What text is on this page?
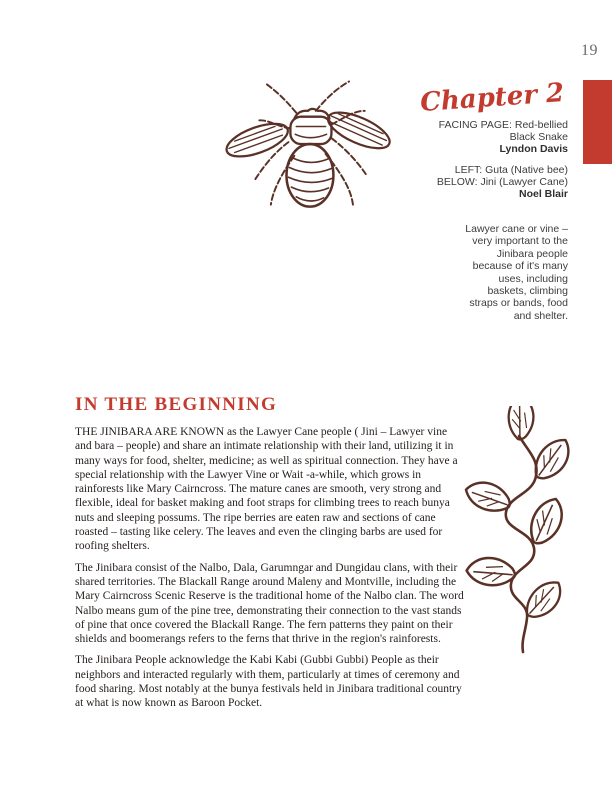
19
Chapter 2
FACING PAGE: Red-bellied
Black Snake
Lyndon Davis
LEFT: Guta (Native bee)
BELOW: Jini (Lawyer Cane)
Noel Blair
Lawyer cane or vine – very important to the Jinibara people because of it's many uses, including baskets, climbing straps or bands, food and shelter.
IN THE BEGINNING

THE JINIBARA ARE KNOWN as the Lawyer Cane people ( Jini – Lawyer vine and bara – people) and share an intimate relationship with their land, utilizing it in many ways for food, shelter, medicine; as well as spiritual connection. They have a special relationship with the Lawyer Vine or Wait -a-while, which grows in rainforests like Mary Cairncross. The mature canes are smooth, very strong and flexible, ideal for basket making and foot straps for climbing trees to reach bunya nuts and sleeping possums. The ripe berries are eaten raw and sections of cane roasted – tasting like celery. The leaves and even the clinging barbs are used for roofing shelters.

The Jinibara consist of the Nalbo, Dala, Garumngar and Dungidau clans, with their shared territories. The Blackall Range around Maleny and Montville, including the Mary Cairncross Scenic Reserve is the traditional home of the Nalbo clan. The word Nalbo means gum of the pine tree, demonstrating their connection to the vast stands of pine that once covered the Blackall Range. The fern patterns they paint on their shields and boomerangs refers to the ferns that thrive in the region's rainforests.

The Jinibara People acknowledge the Kabi Kabi (Gubbi Gubbi) People as their neighbors and interacted regularly with them, particularly at times of ceremony and food sharing. Most notably at the bunya festivals held in Jinibara traditional country at what is now known as Baroon Pocket.
